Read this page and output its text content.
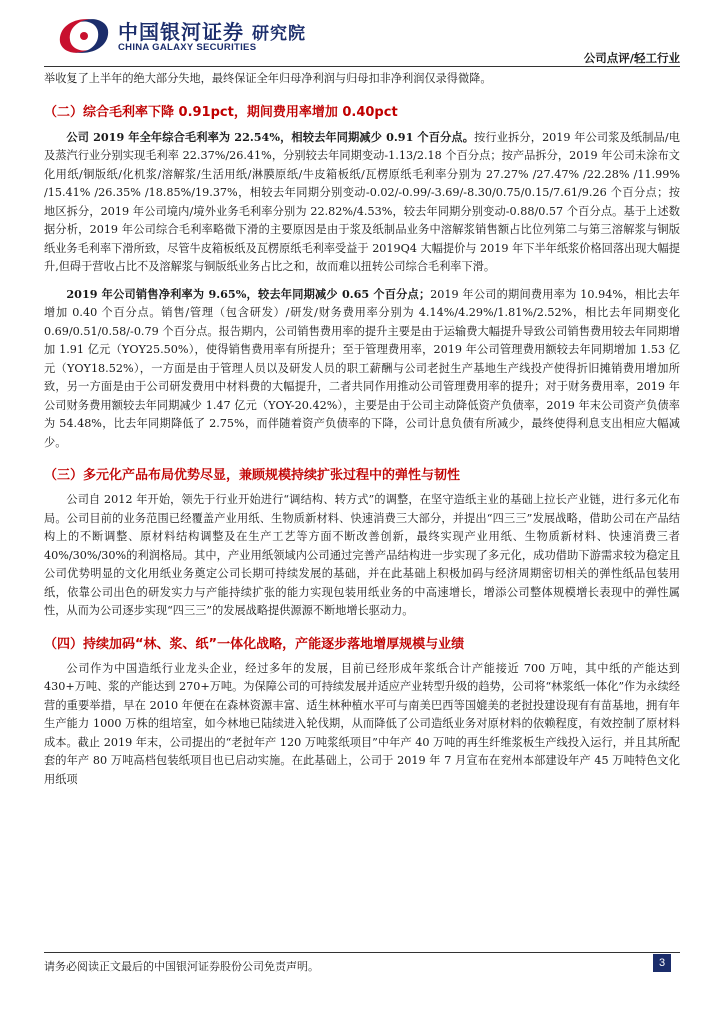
中国银河证券 研究院
CHINA GALAXY SECURITIES
公司点评/轻工行业

举收复了上半年的绝大部分失地，最终保证全年归母净利润与归母扣非净利润仅录得微降。

（二）综合毛利率下降 0.91pct，期间费用率增加 0.40pct

公司 2019 年全年综合毛利率为 22.54%，相较去年同期减少 0.91 个百分点。按行业拆分，2019 年公司浆及纸制品/电及蒸汽行业分别实现毛利率 22.37%/26.41%，分别较去年同期变动-1.13/2.18 个百分点；按产品拆分，2019 年公司未涂布文化用纸/铜版纸/化机浆/溶解浆/生活用纸/淋膜原纸/牛皮箱板纸/瓦楞原纸毛利率分别为 27.27% /27.47% /22.28% /11.99% /15.41% /26.35% /18.85%/19.37%，相较去年同期分别变动-0.02/-0.99/-3.69/-8.30/0.75/0.15/7.61/9.26 个百分点；按地区拆分，2019 年公司境内/境外业务毛利率分别为 22.82%/4.53%，较去年同期分别变动-0.88/0.57 个百分点。基于上述数据分析，2019 年公司综合毛利率略微下滑的主要原因是由于浆及纸制品业务中溶解浆销售额占比位列第二与第三溶解浆与铜版纸业务毛利率下滑所致，尽管牛皮箱板纸及瓦楞原纸毛利率受益于 2019Q4 大幅提价与 2019 年下半年纸浆价格回落出现大幅提升,但碍于营收占比不及溶解浆与铜版纸业务占比之和，故而难以扭转公司综合毛利率下滑。

2019 年公司销售净利率为 9.65%，较去年同期减少 0.65 个百分点；2019 年公司的期间费用率为 10.94%，相比去年增加 0.40 个百分点。销售/管理（包含研发）/研发/财务费用率分别为 4.14%/4.29%/1.81%/2.52%，相比去年同期变化 0.69/0.51/0.58/-0.79 个百分点。报告期内，公司销售费用率的提升主要是由于运输费大幅提升导致公司销售费用较去年同期增加 1.91 亿元（YOY25.50%），使得销售费用率有所提升；至于管理费用率，2019 年公司管理费用额较去年同期增加 1.53 亿元（YOY18.52%），一方面是由于管理人员以及研发人员的职工薪酬与公司老挝生产基地生产线投产使得折旧摊销费用增加所致，另一方面是由于公司研发费用中材料费的大幅提升，二者共同作用推动公司管理费用率的提升；对于财务费用率，2019 年公司财务费用额较去年同期减少 1.47 亿元（YOY-20.42%），主要是由于公司主动降低资产负债率，2019 年末公司资产负债率为 54.48%，比去年同期降低了 2.75%，而伴随着资产负债率的下降，公司计息负债有所减少，最终使得利息支出相应大幅减少。

（三）多元化产品布局优势尽显，兼顾规模持续扩张过程中的弹性与韧性

公司自 2012 年开始，领先于行业开始进行“调结构、转方式”的调整，在坚守造纸主业的基础上拉长产业链，进行多元化布局。公司目前的业务范围已经覆盖产业用纸、生物质新材料、快速消费三大部分，并提出“四三三”发展战略，借助公司在产品结构上的不断调整、原材料结构调整及在生产工艺等方面不断改善创新，最终实现产业用纸、生物质新材料、快速消费三者 40%/30%/30%的利润格局。其中，产业用纸领域内公司通过完善产品结构进一步实现了多元化，成功借助下游需求较为稳定且公司优势明显的文化用纸业务奠定公司长期可持续发展的基础，并在此基础上积极加码与经济周期密切相关的弹性纸品包装用纸，依靠公司出色的研发实力与产能持续扩张的能力实现包装用纸业务的中高速增长，增添公司整体规模增长表现中的弹性属性，从而为公司逐步实现“四三三”的发展战略提供源源不断地增长驱动力。

（四）持续加码“林、浆、纸”一体化战略，产能逐步落地增厚规模与业绩

公司作为中国造纸行业龙头企业，经过多年的发展，目前已经形成年浆纸合计产能接近 700 万吨，其中纸的产能达到 430+万吨、浆的产能达到 270+万吨。为保障公司的可持续发展并适应产业转型升级的趋势，公司将“林浆纸一体化”作为永续经营的重要举措，早在 2010 年便在在森林资源丰富、适生林种植水平可与南美巴西等国媲美的老挝投建设现有有苗基地，拥有年生产能力 1000 万株的组培室，如今林地已陆续进入轮伐期，从而降低了公司造纸业务对原材料的依赖程度，有效控制了原材料成本。截止 2019 年末，公司提出的“老挝年产 120 万吨浆纸项目”中年产 40 万吨的再生纤维浆板生产线投入运行，并且其所配套的年产 80 万吨高档包装纸项目也已启动实施。在此基础上，公司于 2019 年 7 月宣布在兖州本部建设年产 45 万吨特色文化用纸项

请务必阅读正文最后的中国银河证券股份公司免责声明。	3
